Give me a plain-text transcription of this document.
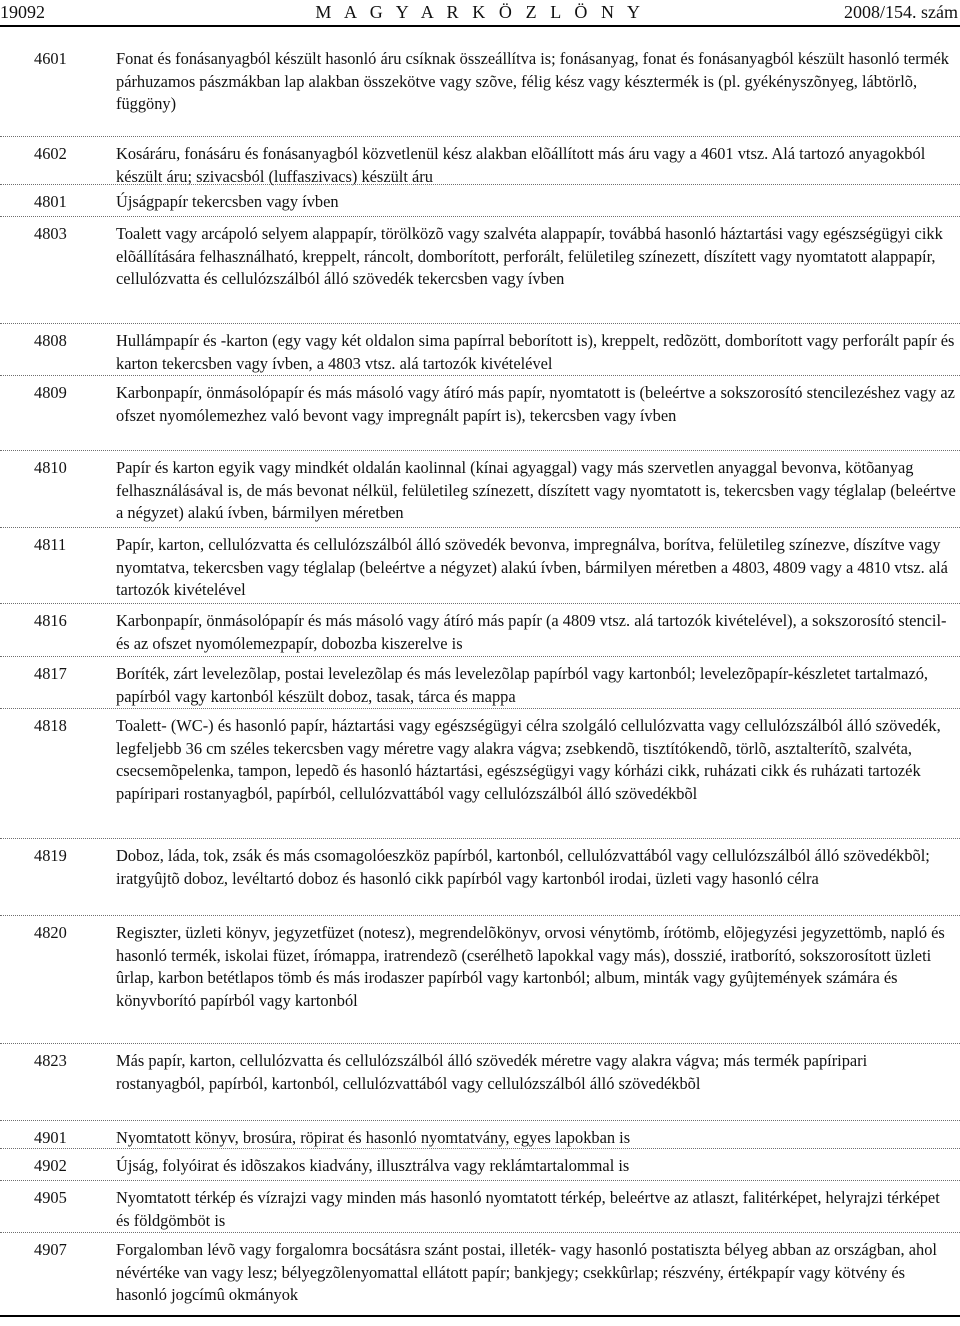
19092	M A G Y A R K Ö Z L Ö N Y	2008/154. szám
4601	Fonat és fonásanyagból készült hasonló áru csíknak összeállítva is; fonásanyag, fonat és fonásanyagból készült hasonló termék párhuzamos pászmákban lap alakban összekötve vagy szõve, félig kész vagy késztermék is (pl. gyékényszõnyeg, lábtörlõ, függöny)
4602	Kosáráru, fonásáru és fonásanyagból közvetlenül kész alakban elõállított más áru vagy a 4601 vtsz. Alá tartozó anyagokból készült áru; szivacsból (luffaszivacs) készült áru
4801	Újságpapír tekercsben vagy ívben
4803	Toalett vagy arcápoló selyem alappapír, törölközõ vagy szalvéta alappapír, továbbá hasonló háztartási vagy egészségügyi cikk elõállítására felhasználható, kreppelt, ráncolt, domborított, perforált, felületileg színezett, díszített vagy nyomtatott alappapír, cellulózvatta és cellulózszálból álló szövedék tekercsben vagy ívben
4808	Hullámpapír és -karton (egy vagy két oldalon sima papírral beborított is), kreppelt, redõzött, domborított vagy perforált papír és karton tekercsben vagy ívben, a 4803 vtsz. alá tartozók kivételével
4809	Karbonpapír, önmásolópapír és más másoló vagy átíró más papír, nyomtatott is (beleértve a sokszorosító stencilezéshez vagy az ofszet nyomólemezhez való bevont vagy impregnált papírt is), tekercsben vagy ívben
4810	Papír és karton egyik vagy mindkét oldalán kaolinnal (kínai agyaggal) vagy más szervetlen anyaggal bevonva, kötõanyag felhasználásával is, de más bevonat nélkül, felületileg színezett, díszített vagy nyomtatott is, tekercsben vagy téglalap (beleértve a négyzet) alakú ívben, bármilyen méretben
4811	Papír, karton, cellulózvatta és cellulózszálból álló szövedék bevonva, impregnálva, borítva, felületileg színezve, díszítve vagy nyomtatva, tekercsben vagy téglalap (beleértve a négyzet) alakú ívben, bármilyen méretben a 4803, 4809 vagy a 4810 vtsz. alá tartozók kivételével
4816	Karbonpapír, önmásolópapír és más másoló vagy átíró más papír (a 4809 vtsz. alá tartozók kivételével), a sokszorosító stencil- és az ofszet nyomólemezpapír, dobozba kiszerelve is
4817	Boríték, zárt levelezõlap, postai levelezõlap és más levelezõlap papírból vagy kartonból; levelezõpapír-készletet tartalmazó, papírból vagy kartonból készült doboz, tasak, tárca és mappa
4818	Toalett- (WC-) és hasonló papír, háztartási vagy egészségügyi célra szolgáló cellulózvatta vagy cellulózszálból álló szövedék, legfeljebb 36 cm széles tekercsben vagy méretre vagy alakra vágva; zsebkendõ, tisztítókendõ, törlõ, asztalterítõ, szalvéta, csecsemõpelenka, tampon, lepedõ és hasonló háztartási, egészségügyi vagy kórházi cikk, ruházati cikk és ruházati tartozék papíripari rostanyagból, papírból, cellulózvattából vagy cellulózszálból álló szövedékbõl
4819	Doboz, láda, tok, zsák és más csomagolóeszköz papírból, kartonból, cellulózvattából vagy cellulózszálból álló szövedékbõl; iratgyûjtõ doboz, levéltartó doboz és hasonló cikk papírból vagy kartonból irodai, üzleti vagy hasonló célra
4820	Regiszter, üzleti könyv, jegyzetfüzet (notesz), megrendelõkönyv, orvosi vénytömb, írótömb, elõjegyzési jegyzettömb, napló és hasonló termék, iskolai füzet, írómappa, iratrendezõ (cserélhetõ lapokkal vagy más), dosszié, iratborító, sokszorosított üzleti ûrlap, karbon betétlapos tömb és más irodaszer papírból vagy kartonból; album, minták vagy gyûjtemények számára és könyvborító papírból vagy kartonból
4823	Más papír, karton, cellulózvatta és cellulózszálból álló szövedék méretre vagy alakra vágva; más termék papíripari rostanyagból, papírból, kartonból, cellulózvattából vagy cellulózszálból álló szövedékbõl
4901	Nyomtatott könyv, brosúra, röpirat és hasonló nyomtatvány, egyes lapokban is
4902	Újság, folyóirat és idõszakos kiadvány, illusztrálva vagy reklámtartalommal is
4905	Nyomtatott térkép és vízrajzi vagy minden más hasonló nyomtatott térkép, beleértve az atlaszt, falitérképet, helyrajzi térképet és földgömböt is
4907	Forgalomban lévõ vagy forgalomra bocsátásra szánt postai, illeték- vagy hasonló postatiszta bélyeg abban az országban, ahol névértéke van vagy lesz; bélyegzõlenyomattal ellátott papír; bankjegy; csekkûrlap; részvény, értékpapír vagy kötvény és hasonló jogcímû okmányok
